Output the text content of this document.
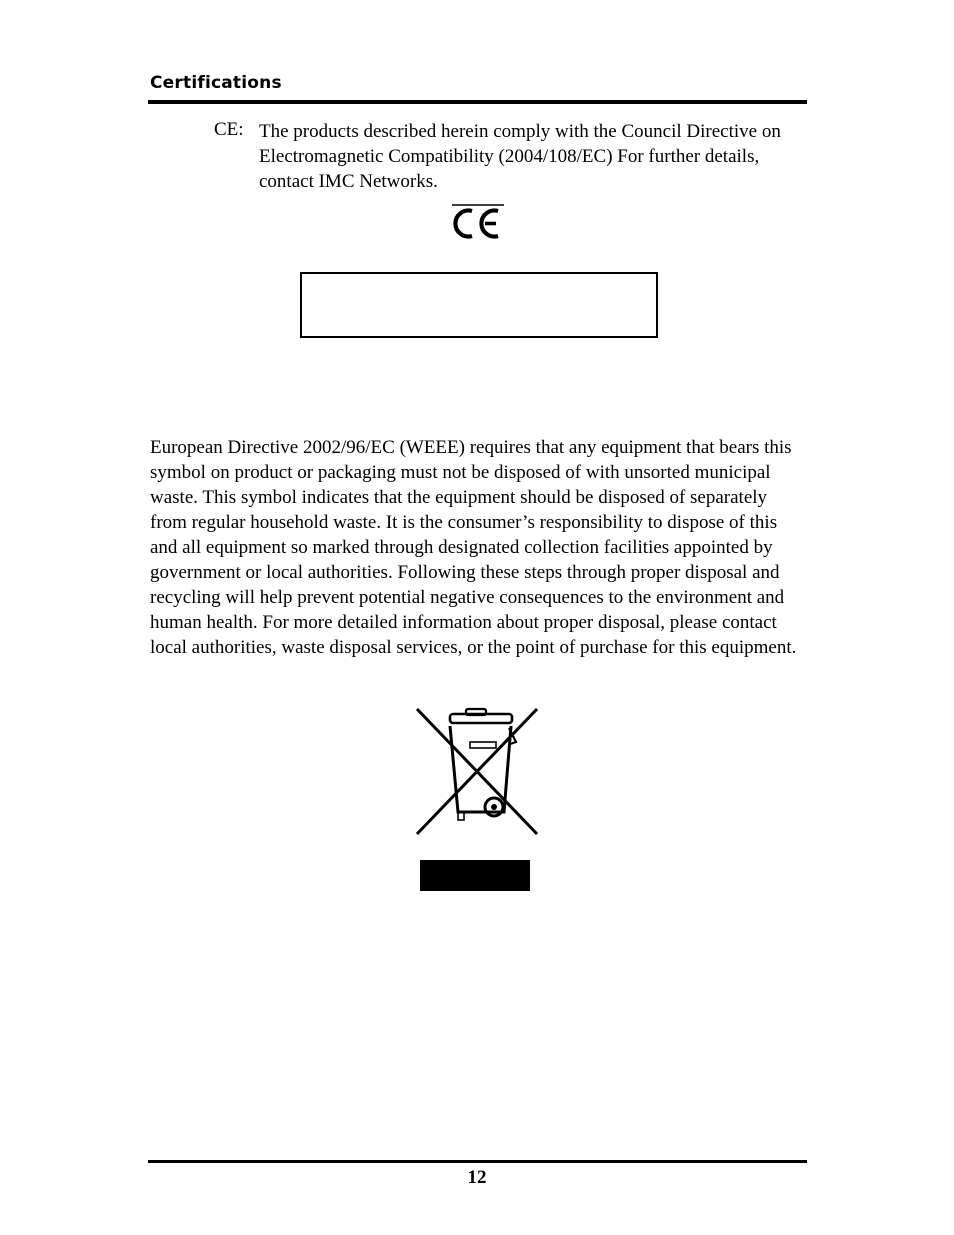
Certifications
CE: The products described herein comply with the Council Directive on Electromagnetic Compatibility (2004/108/EC) For further details, contact IMC Networks.
European Directive 2002/96/EC (WEEE) requires that any equipment that bears this
symbol on product or packaging must not be disposed of with unsorted municipal
waste. This symbol indicates that the equipment should be disposed of separately
from regular household waste. It is the consumer’s responsibility to dispose of this
and all equipment so marked through designated collection facilities appointed by
government or local authorities. Following these steps through proper disposal and
recycling will help prevent potential negative consequences to the environment and
human health. For more detailed information about proper disposal, please contact
local authorities, waste disposal services, or the point of purchase for this equipment.
12
